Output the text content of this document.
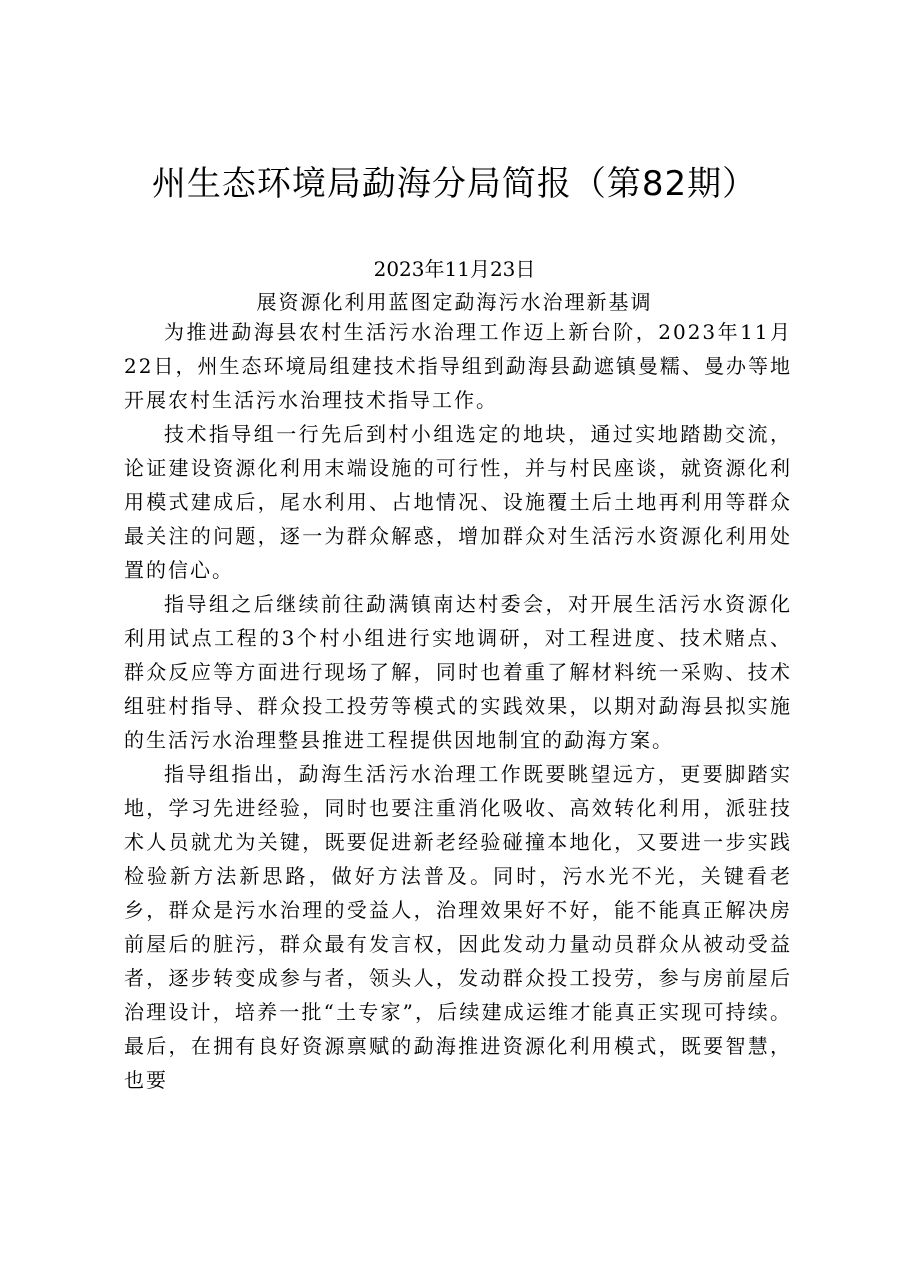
州生态环境局勐海分局简报（第82期）
2023年11月23日
展资源化利用蓝图定勐海污水治理新基调

为推进勐海县农村生活污水治理工作迈上新台阶，2023年11月22日，州生态环境局组建技术指导组到勐海县勐遮镇曼糯、曼办等地开展农村生活污水治理技术指导工作。

技术指导组一行先后到村小组选定的地块，通过实地踏勘交流，论证建设资源化利用末端设施的可行性，并与村民座谈，就资源化利用模式建成后，尾水利用、占地情况、设施覆土后土地再利用等群众最关注的问题，逐一为群众解惑，增加群众对生活污水资源化利用处置的信心。

指导组之后继续前往勐满镇南达村委会，对开展生活污水资源化利用试点工程的3个村小组进行实地调研，对工程进度、技术赌点、群众反应等方面进行现场了解，同时也着重了解材料统一采购、技术组驻村指导、群众投工投劳等模式的实践效果，以期对勐海县拟实施的生活污水治理整县推进工程提供因地制宜的勐海方案。

指导组指出，勐海生活污水治理工作既要眺望远方，更要脚踏实地，学习先进经验，同时也要注重消化吸收、高效转化利用，派驻技术人员就尤为关键，既要促进新老经验碰撞本地化，又要进一步实践检验新方法新思路，做好方法普及。同时，污水光不光，关键看老乡，群众是污水治理的受益人，治理效果好不好，能不能真正解决房前屋后的脏污，群众最有发言权，因此发动力量动员群众从被动受益者，逐步转变成参与者，领头人，发动群众投工投劳，参与房前屋后治理设计，培养一批“土专家”，后续建成运维才能真正实现可持续。最后，在拥有良好资源禀赋的勐海推进资源化利用模式，既要智慧，也要
